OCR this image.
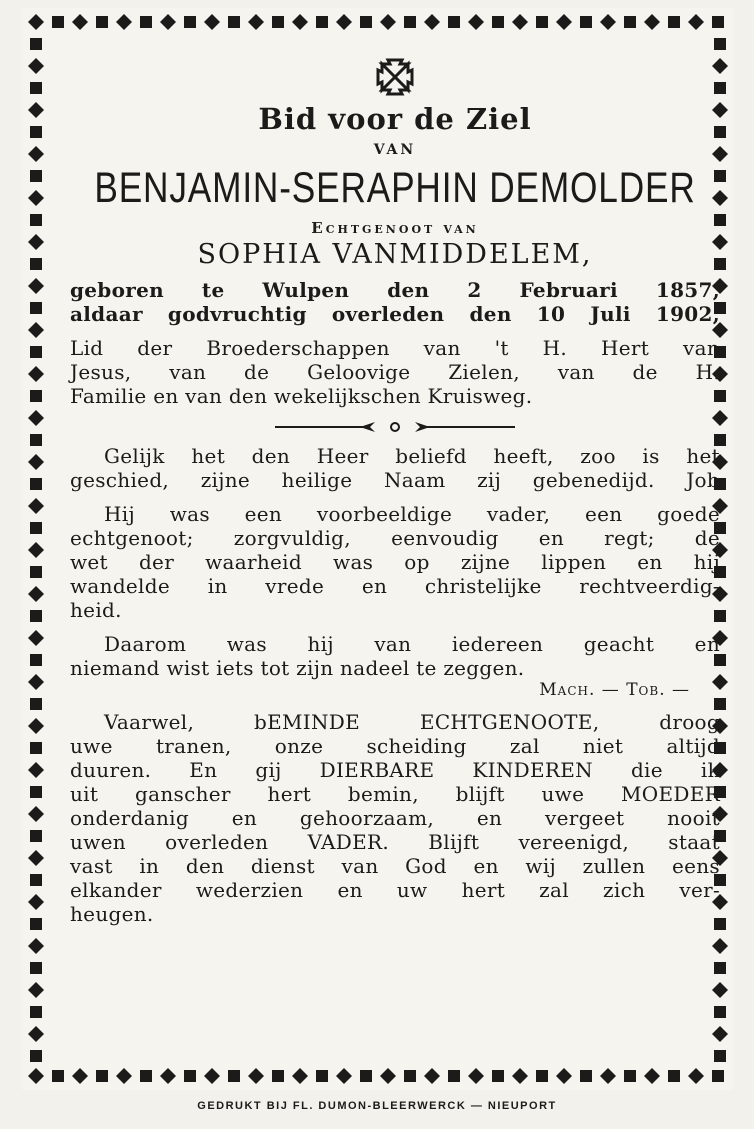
Bid voor de Ziel
VAN
BENJAMIN-SERAPHIN DEMOLDER
Echtgenoot van
SOPHIA VANMIDDELEM,
geboren te Wulpen den 2 Februari 1857,
aldaar godvruchtig overleden den 10 Juli 1902,
Lid der Broederschappen van 't H. Hert van
Jesus, van de Geloovige Zielen, van de H.
Familie en van den wekelijkschen Kruisweg.
Gelijk het den Heer beliefd heeft, zoo is het
geschied, zijne heilige Naam zij gebenedijd. Job
Hij was een voorbeeldige vader, een goede
echtgenoot; zorgvuldig, eenvoudig en regt; de
wet der waarheid was op zijne lippen en hij
wandelde in vrede en christelijke rechtveerdig-
heid.
Daarom was hij van iedereen geacht en
niemand wist iets tot zijn nadeel te zeggen.
Mach. — Tob. —
Vaarwel, bEMINDE ECHTGENOOTE, droog
uwe tranen, onze scheiding zal niet altijd
duuren. En gij DIERBARE KINDEREN die ik
uit ganscher hert bemin, blijft uwe MOEDER
onderdanig en gehoorzaam, en vergeet nooit
uwen overleden VADER. Blijft vereenigd, staat
vast in den dienst van God en wij zullen eens
elkander wederzien en uw hert zal zich ver-
heugen.
GEDRUKT BIJ FL. DUMON-BLEERWERCK — NIEUPORT
